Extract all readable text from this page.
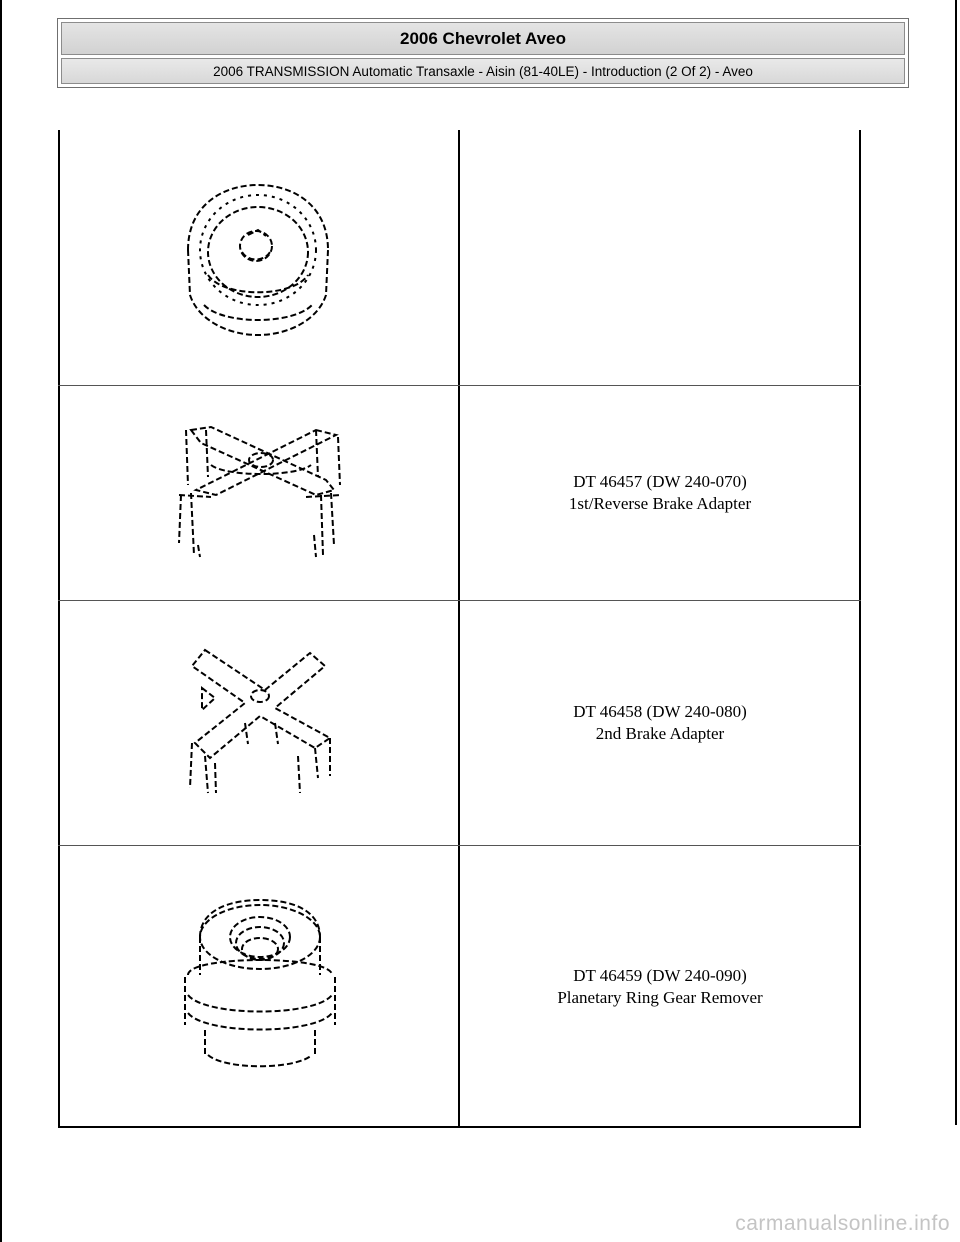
2006 Chevrolet Aveo
2006 TRANSMISSION Automatic Transaxle - Aisin (81-40LE) - Introduction (2 Of 2) - Aveo
DT 46457 (DW 240-070)
1st/Reverse Brake Adapter
DT 46458 (DW 240-080)
2nd Brake Adapter
DT 46459 (DW 240-090)
Planetary Ring Gear Remover
carmanualsonline.info
